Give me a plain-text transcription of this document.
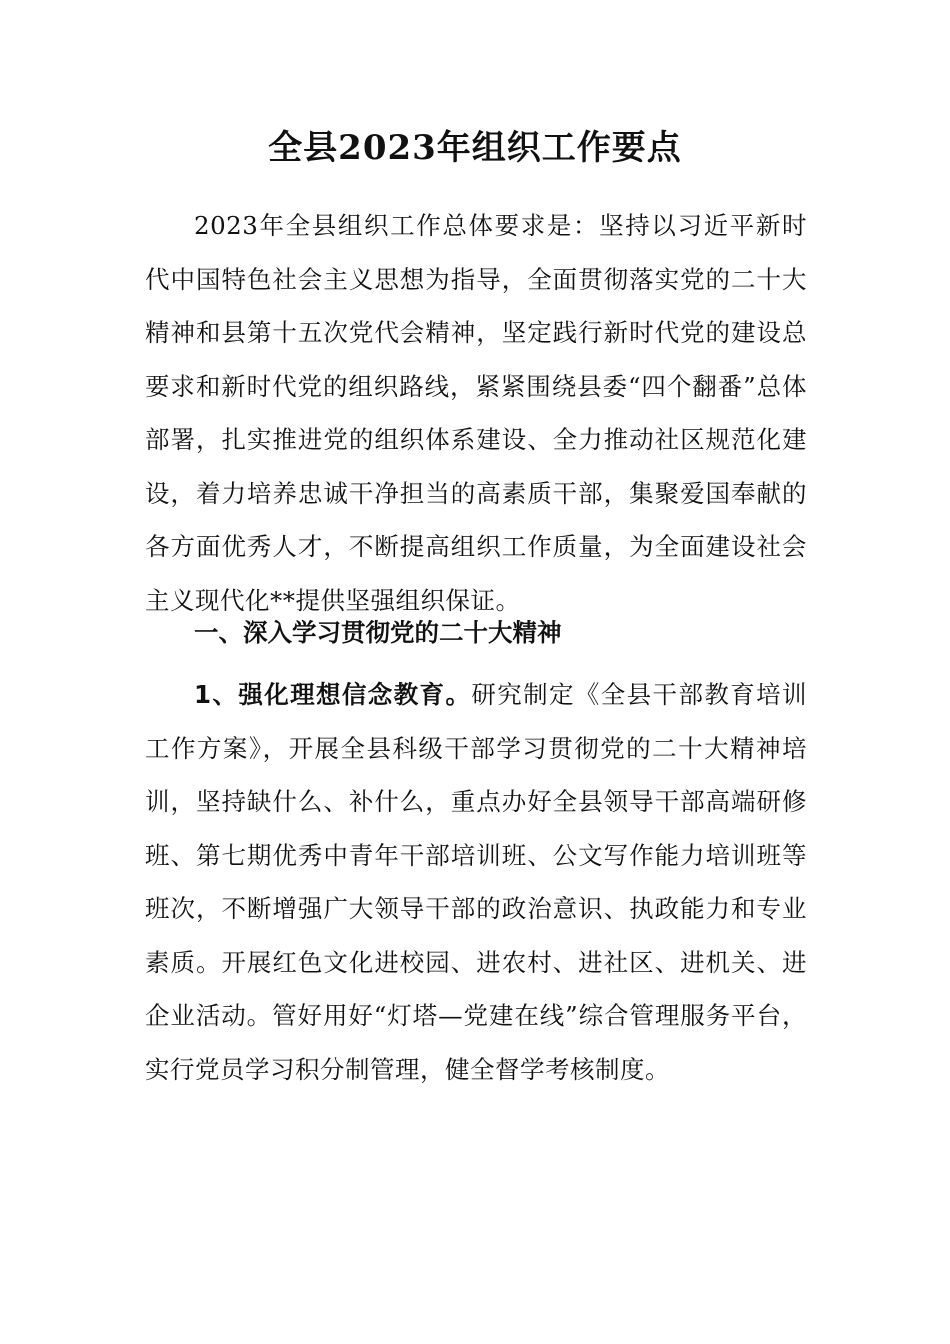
全县2023年组织工作要点

2023年全县组织工作总体要求是：坚持以习近平新时代中国特色社会主义思想为指导，全面贯彻落实党的二十大精神和县第十五次党代会精神，坚定践行新时代党的建设总要求和新时代党的组织路线，紧紧围绕县委“四个翻番”总体部署，扎实推进党的组织体系建设、全力推动社区规范化建设，着力培养忠诚干净担当的高素质干部，集聚爱国奉献的各方面优秀人才，不断提高组织工作质量，为全面建设社会主义现代化**提供坚强组织保证。

一、深入学习贯彻党的二十大精神

1、强化理想信念教育。研究制定《全县干部教育培训工作方案》，开展全县科级干部学习贯彻党的二十大精神培训，坚持缺什么、补什么，重点办好全县领导干部高端研修班、第七期优秀中青年干部培训班、公文写作能力培训班等班次，不断增强广大领导干部的政治意识、执政能力和专业素质。开展红色文化进校园、进农村、进社区、进机关、进企业活动。管好用好“灯塔—党建在线”综合管理服务平台，实行党员学习积分制管理，健全督学考核制度。
